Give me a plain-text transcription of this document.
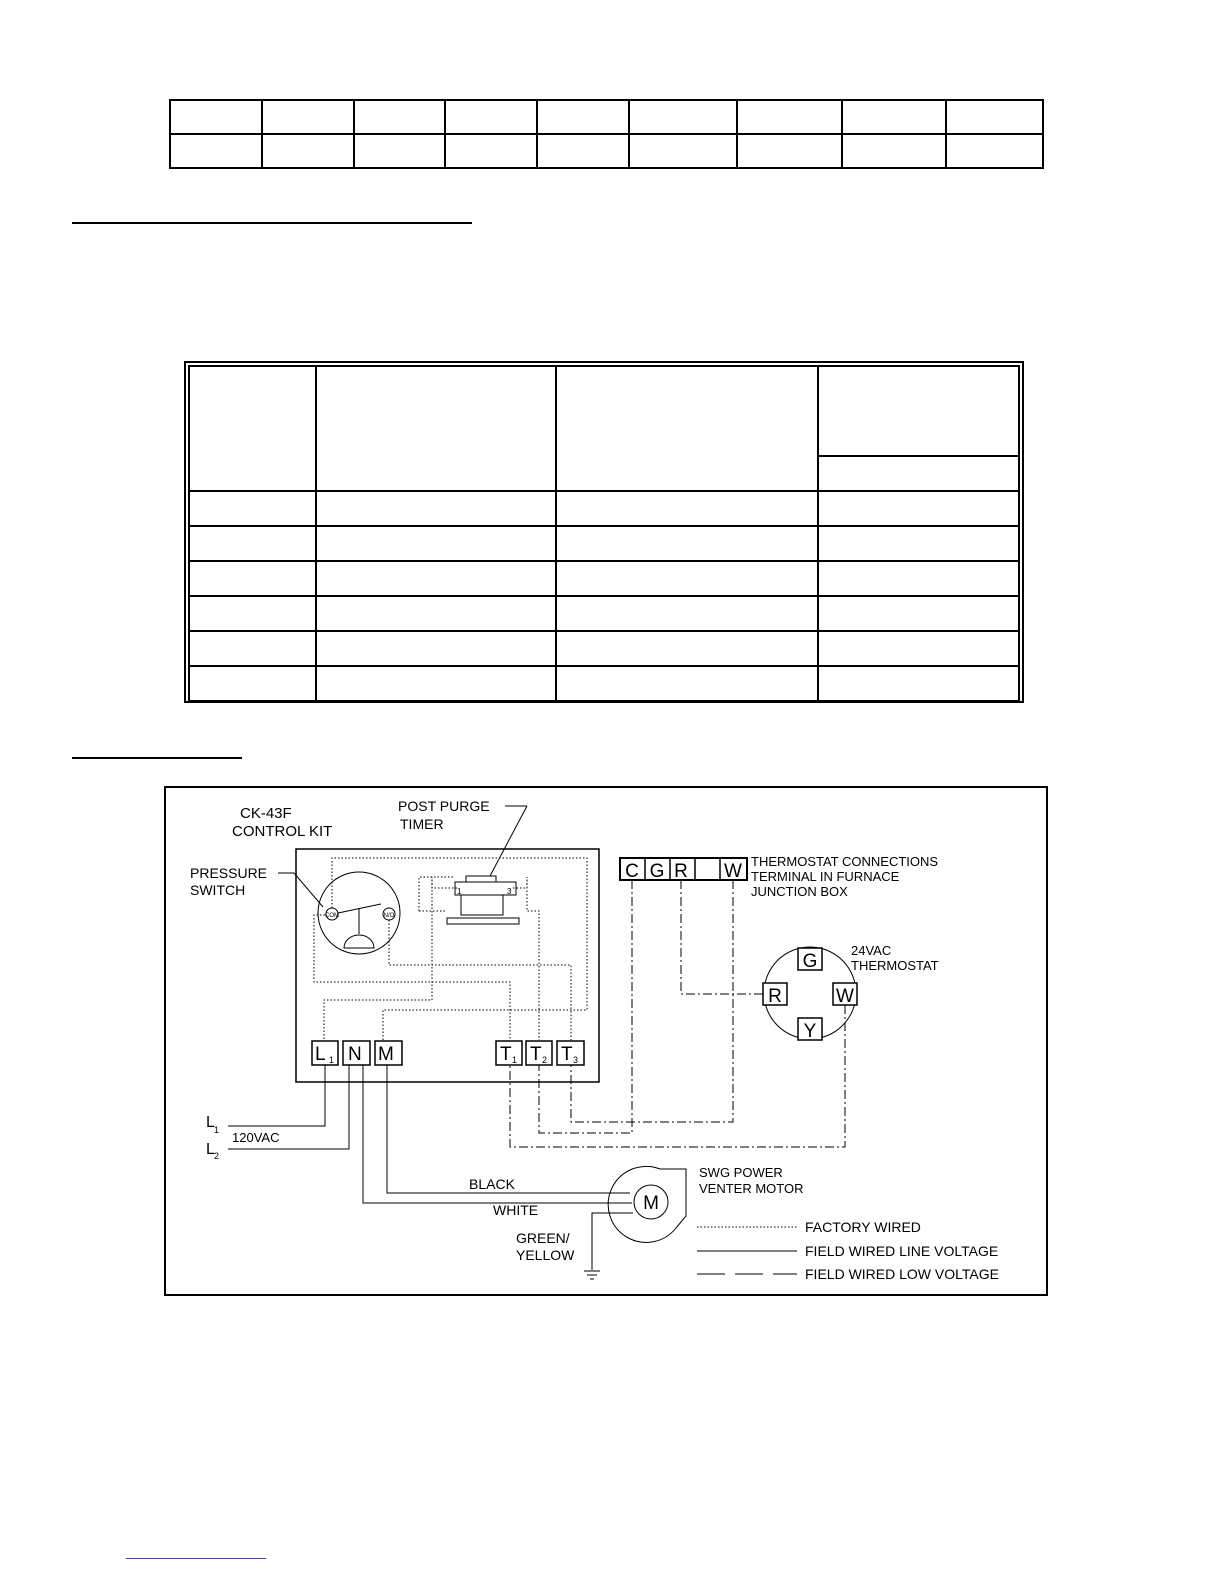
CK-43F
CONTROL KIT
POST PURGE
TIMER
PRESSURE
SWITCH
COM	N/O
1	3
L 1 N M	T 1 T 2 T 3
L 1
L 2
120VAC
BLACK
WHITE
GREEN/
YELLOW
M
SWG POWER
VENTER MOTOR
C G R W THERMOSTAT CONNECTIONS
TERMINAL IN FURNACE
JUNCTION BOX
24VAC
THERMOSTAT
G
R	W
Y
FACTORY WIRED
FIELD WIRED LINE VOLTAGE
FIELD WIRED LOW VOLTAGE
